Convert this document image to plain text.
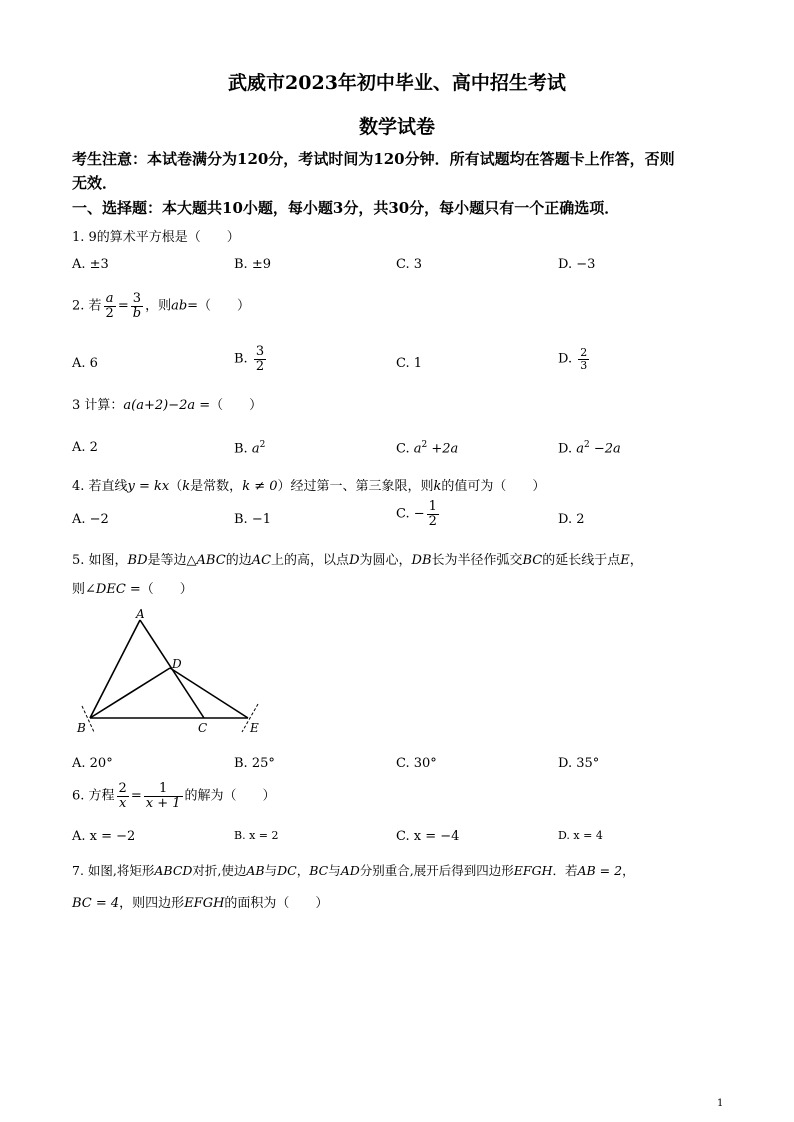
武威市2023年初中毕业、高中招生考试
数学试卷
考生注意：本试卷满分为120分，考试时间为120分钟．所有试题均在答题卡上作答，否则
无效．
一、选择题：本大题共10小题，每小题3分，共30分，每小题只有一个正确选项．
1. 9的算术平方根是（　　）
A. ±3	B. ±9	C. 3	D. −3
2. 若 $\frac{a}{2} = \frac{3}{b}$ ，则ab=（　　）
A. 6	B. $\frac{3}{2}$	C. 1	D. $\frac{2}{3}$
3 计算：a(a+2)−2a =（　　）
A. 2	B. $a^2$	C. $a^2 +2a$	D. $a^2 -2a$
4. 若直线y = kx（k是常数，k ≠ 0）经过第一、第三象限，则k的值可为（　　）
A. −2	B. −1	C. − $\frac{1}{2}$	D. 2
5. 如图，BD是等边△ABC的边AC上的高，以点D为圆心，DB长为半径作弧交BC的延长线于点E，
则∠DEC =（　　）
A
B	C
D
E
A. 20°	B. 25°	C. 30°	D. 35°
6. 方程 $\frac{2}{x} = \frac{1}{x + 1}$ 的解为（　　）
A. x = −2	B. x = 2	C. x = −4	D. x = 4
7. 如图,将矩形ABCD对折,使边AB与DC，BC与AD分别重合,展开后得到四边形EFGH．若AB = 2，
BC = 4，则四边形EFGH的面积为（　　）
1
